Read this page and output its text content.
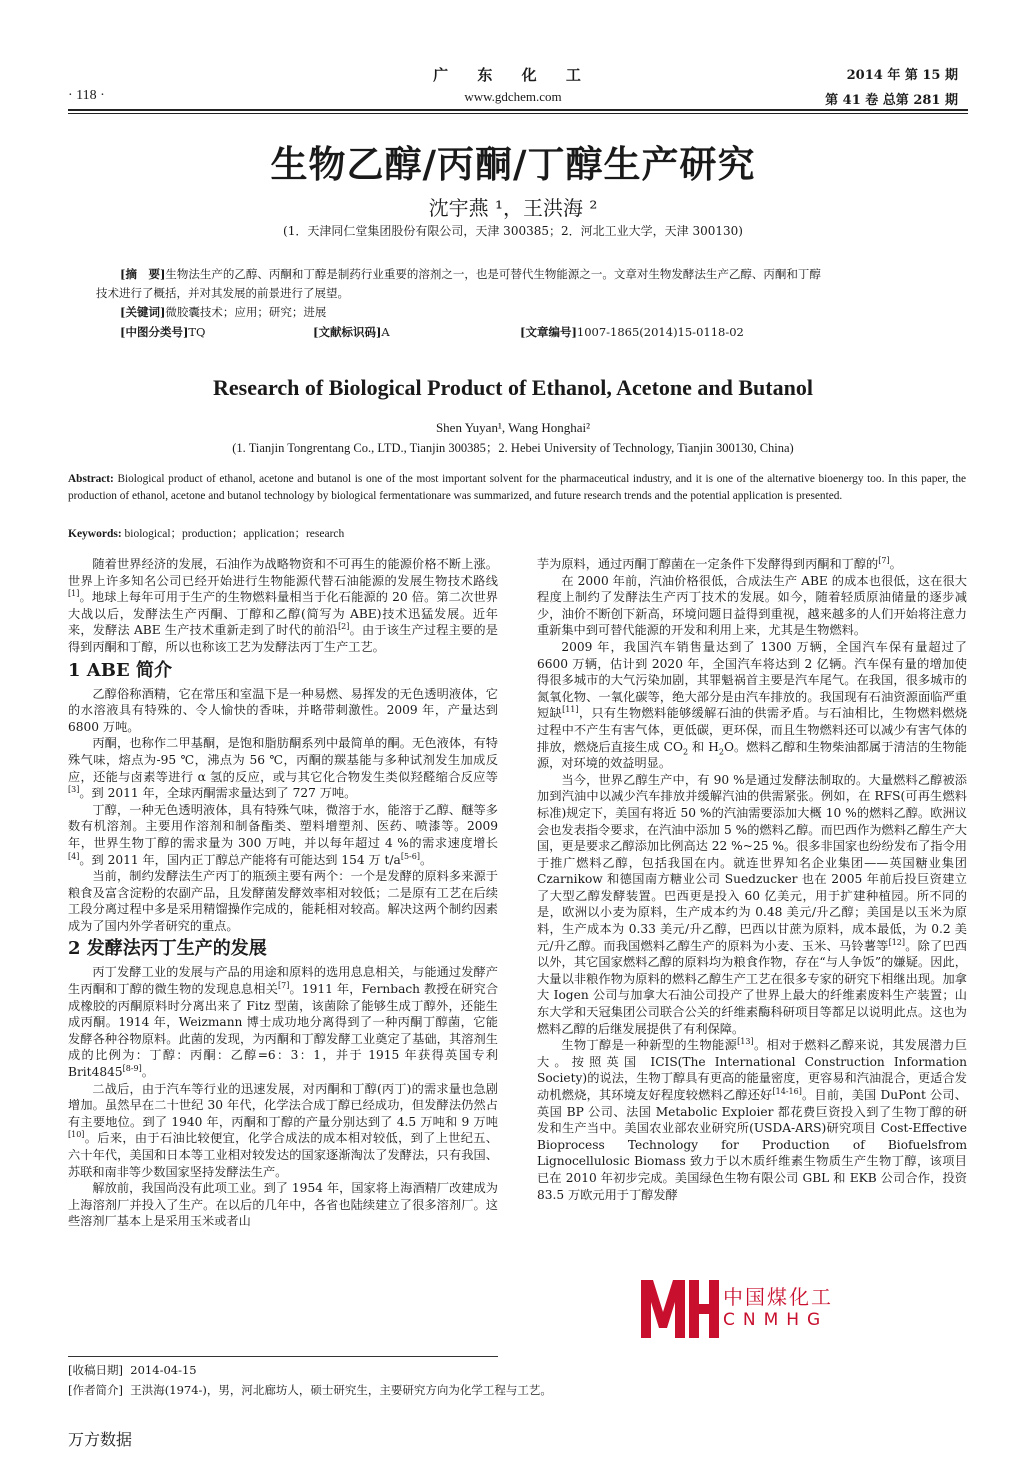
广 东 化 工
www.gdchem.com
· 118 ·
2014 年 第 15 期
第 41 卷 总第 281 期
生物乙醇/丙酮/丁醇生产研究
沈宇燕 ¹，王洪海 ²
(1．天津同仁堂集团股份有限公司，天津 300385；2．河北工业大学，天津 300130)
[摘　要]生物法生产的乙醇、丙酮和丁醇是制药行业重要的溶剂之一，也是可替代生物能源之一。文章对生物发酵法生产乙醇、丙酮和丁醇
技术进行了概括，并对其发展的前景进行了展望。
[关键词]微胶囊技术；应用；研究；进展
[中图分类号]TQ	[文献标识码]A	[文章编号]1007-1865(2014)15-0118-02
Research of Biological Product of Ethanol, Acetone and Butanol
Shen Yuyan¹, Wang Honghai²
(1. Tianjin Tongrentang Co., LTD., Tianjin 300385；2. Hebei University of Technology, Tianjin 300130, China)
Abstract: Biological product of ethanol, acetone and butanol is one of the most important solvent for the pharmaceutical industry, and it is one of the alternative bioenergy too. In this paper, the production of ethanol, acetone and butanol technology by biological fermentationare was summarized, and future research trends and the potential application is presented.
Keywords: biological；production；application；research

随着世界经济的发展，石油作为战略物资和不可再生的能源价格不断上涨。世界上许多知名公司已经开始进行生物能源代替石油能源的发展生物技术路线[1]。地球上每年可用于生产的生物燃料量相当于化石能源的 20 倍。第二次世界大战以后，发酵法生产丙酮、丁醇和乙醇(简写为 ABE)技术迅猛发展。近年来，发酵法 ABE 生产技术重新走到了时代的前沿[2]。由于该生产过程主要的是得到丙酮和丁醇，所以也称该工艺为发酵法丙丁生产工艺。

1 ABE 简介

乙醇俗称酒精，它在常压和室温下是一种易燃、易挥发的无色透明液体，它的水溶液具有特殊的、令人愉快的香味，并略带刺激性。2009 年，产量达到 6800 万吨。

丙酮，也称作二甲基酮，是饱和脂肪酮系列中最简单的酮。无色液体，有特殊气味，熔点为-95 ℃，沸点为 56 ℃，丙酮的羰基能与多种试剂发生加成反应，还能与卤素等进行 α 氢的反应，或与其它化合物发生类似羟醛缩合反应等[3]。到 2011 年，全球丙酮需求量达到了 727 万吨。

丁醇，一种无色透明液体，具有特殊气味，微溶于水，能溶于乙醇、醚等多数有机溶剂。主要用作溶剂和制备酯类、塑料增塑剂、医药、喷漆等。2009 年，世界生物丁醇的需求量为 300 万吨，并以每年超过 4 %的需求速度增长[4]。到 2011 年，国内正丁醇总产能将有可能达到 154 万 t/a[5-6]。

当前，制约发酵法生产丙丁的瓶颈主要有两个：一个是发酵的原料多来源于粮食及富含淀粉的农副产品，且发酵菌发酵效率相对较低；二是原有工艺在后续工段分离过程中多是采用精馏操作完成的，能耗相对较高。解决这两个制约因素成为了国内外学者研究的重点。

2 发酵法丙丁生产的发展

丙丁发酵工业的发展与产品的用途和原料的选用息息相关，与能通过发酵产生丙酮和丁醇的微生物的发现息息相关[7]。1911 年，Fernbach 教授在研究合成橡胶的丙酮原料时分离出来了 Fitz 型菌，该菌除了能够生成丁醇外，还能生成丙酮。1914 年，Weizmann 博士成功地分离得到了一种丙酮丁醇菌，它能发酵各种谷物原料。此菌的发现，为丙酮和丁醇发酵工业奠定了基础，其溶剂生成的比例为：丁醇：丙酮：乙醇=6：3：1，并于 1915 年获得英国专利 Brit4845[8-9]。

二战后，由于汽车等行业的迅速发展，对丙酮和丁醇(丙丁)的需求量也急剧增加。虽然早在二十世纪 30 年代，化学法合成丁醇已经成功，但发酵法仍然占有主要地位。到了 1940 年，丙酮和丁醇的产量分别达到了 4.5 万吨和 9 万吨[10]。后来，由于石油比较便宜，化学合成法的成本相对较低，到了上世纪五、六十年代，美国和日本等工业相对较发达的国家逐渐淘汰了发酵法，只有我国、苏联和南非等少数国家坚持发酵法生产。

解放前，我国尚没有此项工业。到了 1954 年，国家将上海酒精厂改建成为上海溶剂厂并投入了生产。在以后的几年中，各省也陆续建立了很多溶剂厂。这些溶剂厂基本上是采用玉米或者山

芋为原料，通过丙酮丁醇菌在一定条件下发酵得到丙酮和丁醇的[7]。

在 2000 年前，汽油价格很低，合成法生产 ABE 的成本也很低，这在很大程度上制约了发酵法生产丙丁技术的发展。如今，随着轻质原油储量的逐步减少，油价不断创下新高，环境问题日益得到重视，越来越多的人们开始将注意力重新集中到可替代能源的开发和利用上来，尤其是生物燃料。

2009 年，我国汽车销售量达到了 1300 万辆，全国汽车保有量超过了 6600 万辆，估计到 2020 年，全国汽车将达到 2 亿辆。汽车保有量的增加使得很多城市的大气污染加剧，其罪魁祸首主要是汽车尾气。在我国，很多城市的氮氧化物、一氧化碳等，绝大部分是由汽车排放的。我国现有石油资源面临严重短缺[11]，只有生物燃料能够缓解石油的供需矛盾。与石油相比，生物燃料燃烧过程中不产生有害气体，更低碳，更环保，而且生物燃料还可以减少有害气体的排放，燃烧后直接生成 $CO_2$ 和 $H_2O$。燃料乙醇和生物柴油都属于清洁的生物能源，对环境的效益明显。

当今，世界乙醇生产中，有 90 %是通过发酵法制取的。大量燃料乙醇被添加到汽油中以减少汽车排放并缓解汽油的供需紧张。例如，在 RFS(可再生燃料标准)规定下，美国有将近 50 %的汽油需要添加大概 10 %的燃料乙醇。欧洲议会也发表指令要求，在汽油中添加 5 %的燃料乙醇。而巴西作为燃料乙醇生产大国，更是要求乙醇添加比例高达 22 %~25 %。很多非国家也纷纷发布了指令用于推广燃料乙醇，包括我国在内。就连世界知名企业集团——英国糖业集团 Czarnikow 和德国南方糖业公司 Suedzucker 也在 2005 年前后投巨资建立了大型乙醇发酵装置。巴西更是投入 60 亿美元，用于扩建种植园。所不同的是，欧洲以小麦为原料，生产成本约为 0.48 美元/升乙醇；美国是以玉米为原料，生产成本为 0.33 美元/升乙醇，巴西以甘蔗为原料，成本最低，为 0.2 美元/升乙醇。而我国燃料乙醇生产的原料为小麦、玉米、马铃薯等[12]。除了巴西以外，其它国家燃料乙醇的原料均为粮食作物，存在“与人争饭”的嫌疑。因此，大量以非粮作物为原料的燃料乙醇生产工艺在很多专家的研究下相继出现。加拿大 Iogen 公司与加拿大石油公司投产了世界上最大的纤维素废料生产装置；山东大学和天冠集团公司联合公关的纤维素酶科研项目等都足以说明此点。这也为燃料乙醇的后继发展提供了有利保障。

生物丁醇是一种新型的生物能源[13]。相对于燃料乙醇来说，其发展潜力巨大。按照英国 ICIS(The International Construction Information Society)的说法，生物丁醇具有更高的能量密度，更容易和汽油混合，更适合发动机燃烧，其环境友好程度较燃料乙醇还好[14-16]。目前，美国 DuPont 公司、英国 BP 公司、法国 Metabolic Exploier 都花费巨资投入到了生物丁醇的研发和生产当中。美国农业部农业研究所(USDA-ARS)研究项目 Cost-Effective Bioprocess Technology for Production of Biofuelsfrom Lignocellulosic Biomass 致力于以木质纤维素生物质生产生物丁醇，该项目已在 2010 年初步完成。美国绿色生物有限公司 GBL 和 EKB 公司合作，投资 83.5 万欧元用于丁醇发酵

中国煤化工
CNMHG
[收稿日期] 2014-04-15
[作者简介] 王洪海(1974-)，男，河北廊坊人，硕士研究生，主要研究方向为化学工程与工艺。
万方数据
